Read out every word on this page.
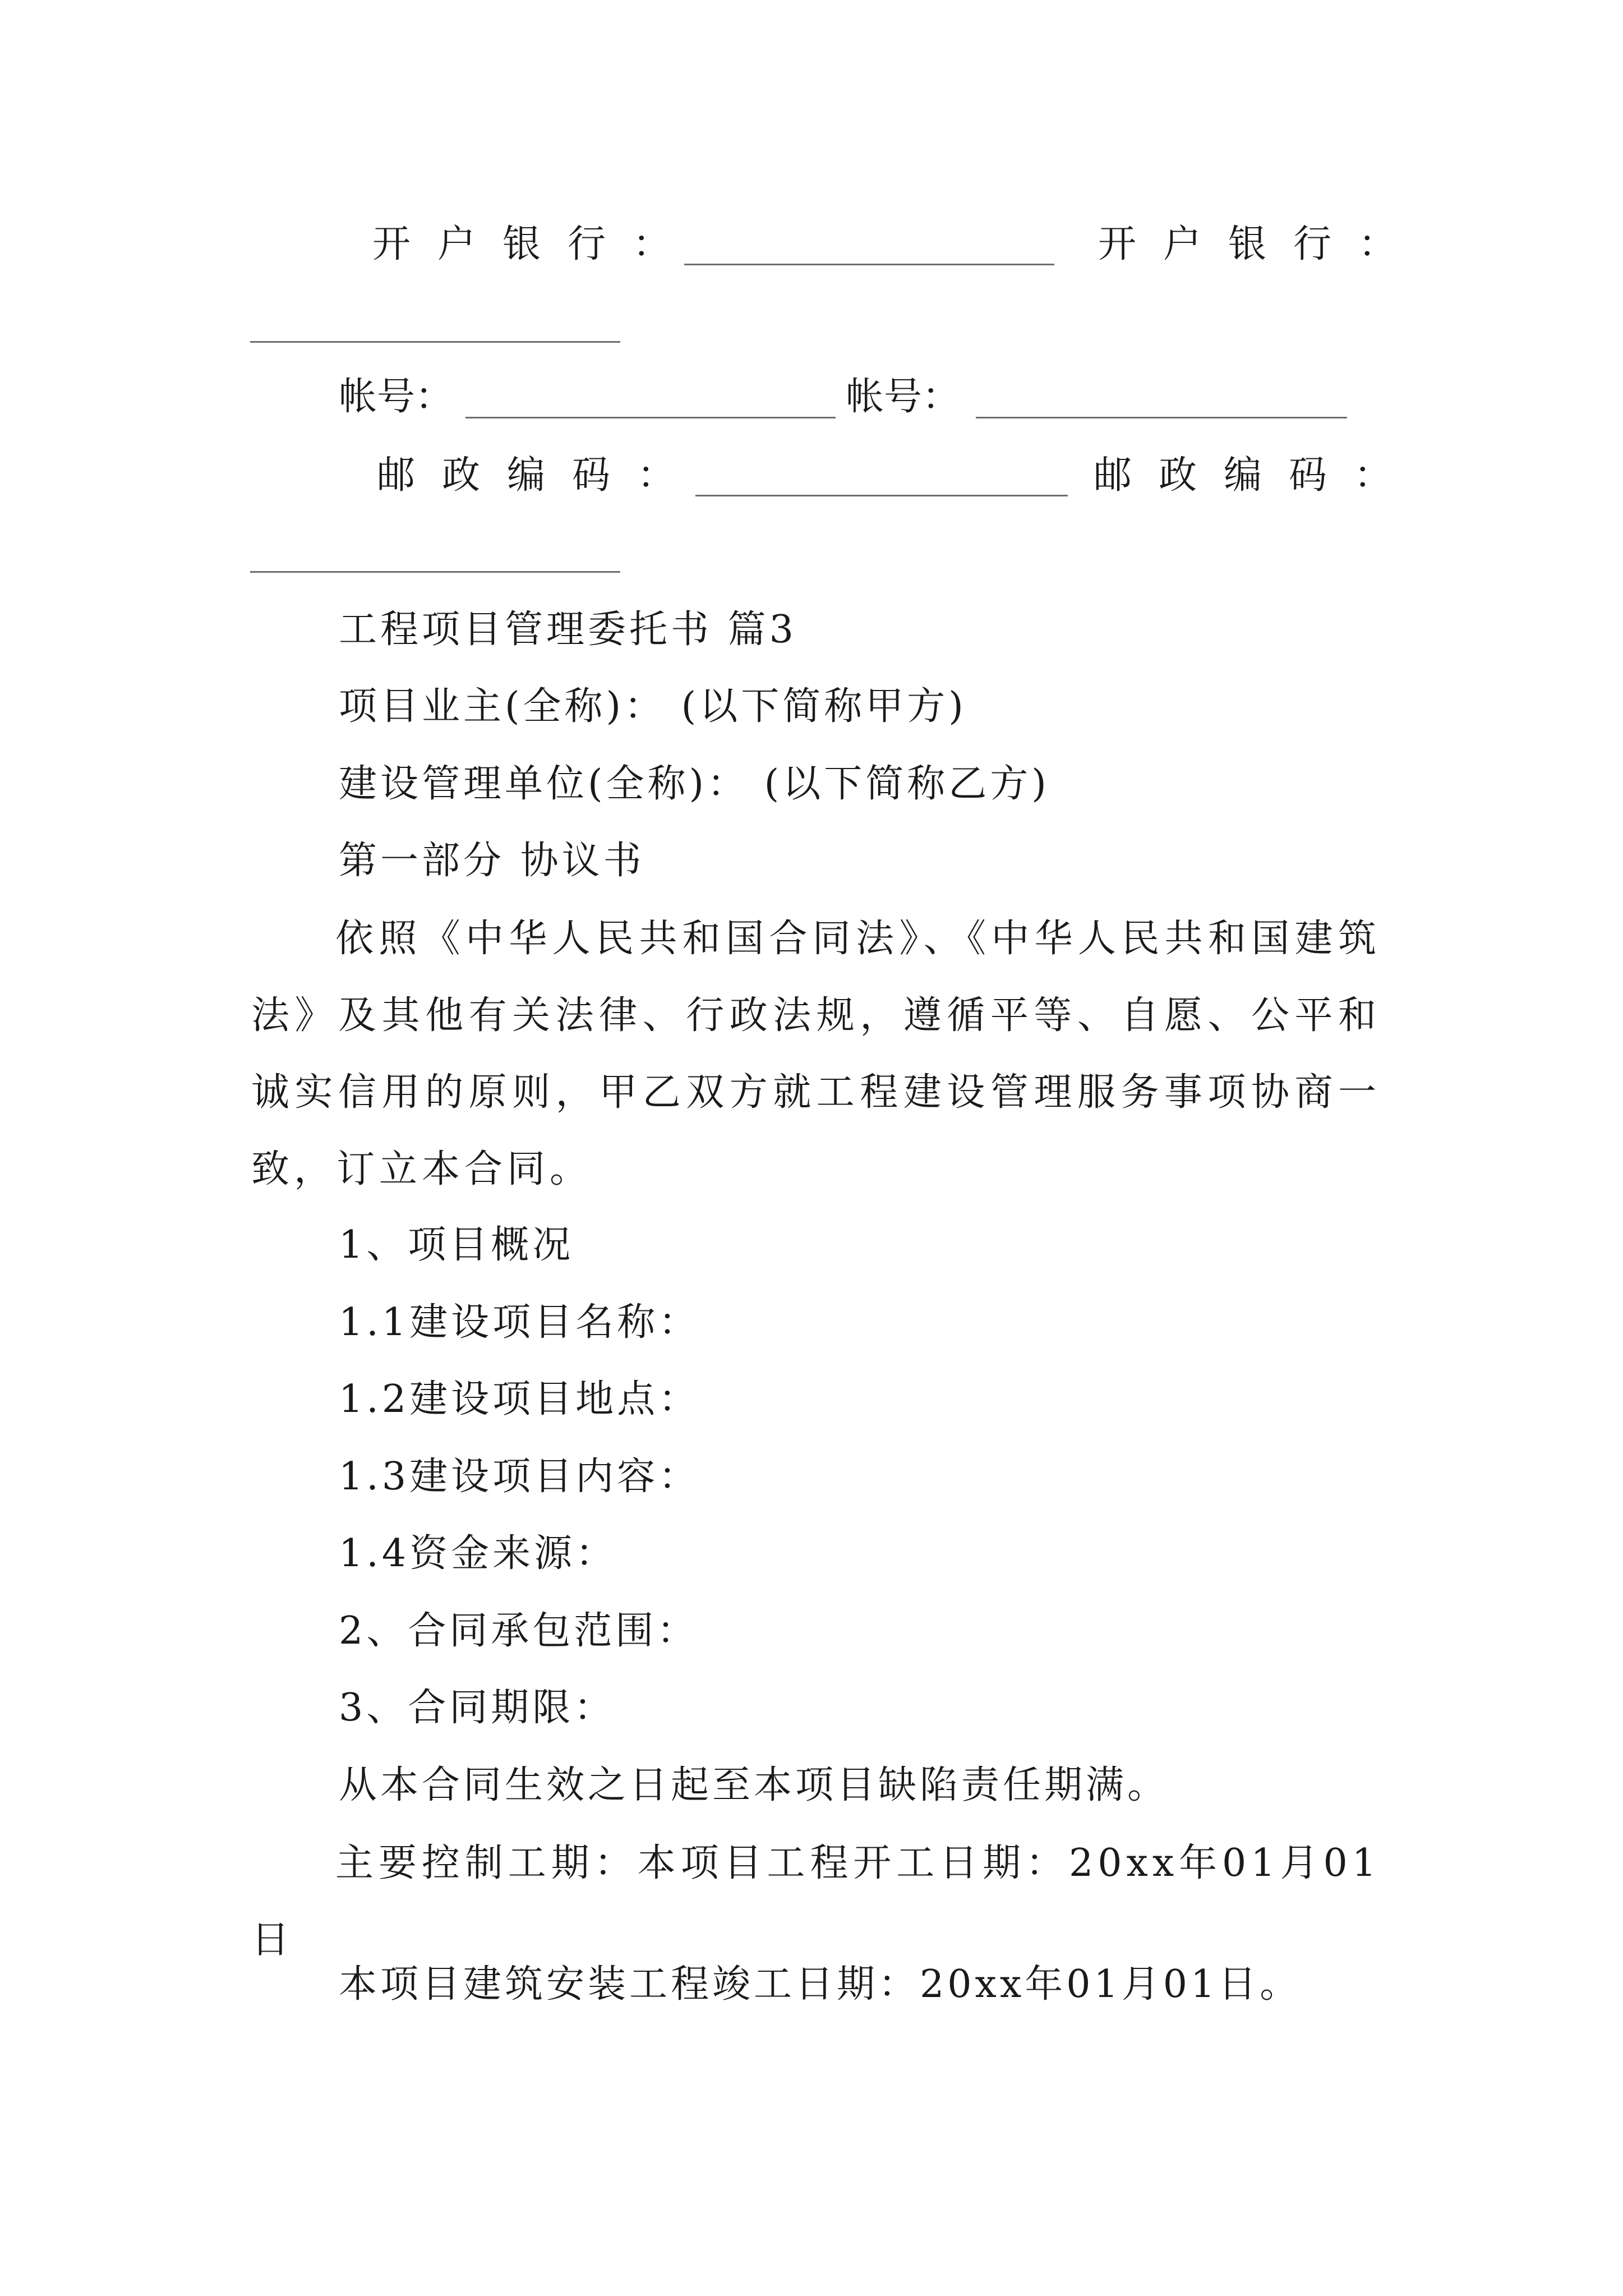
开户银行：	开户银行：
帐号：	帐号：
邮政编码：	邮政编码：
工程项目管理委托书 篇3
项目业主(全称)： (以下简称甲方)
建设管理单位(全称)： (以下简称乙方)
第一部分 协议书
依照《中华人民共和国合同法》、《中华人民共和国建筑法》及其他有关法律、行政法规，遵循平等、自愿、公平和诚实信用的原则，甲乙双方就工程建设管理服务事项协商一致，订立本合同。
1、项目概况
1.1建设项目名称：
1.2建设项目地点：
1.3建设项目内容：
1.4资金来源：
2、合同承包范围：
3、合同期限：
从本合同生效之日起至本项目缺陷责任期满。
主要控制工期：本项目工程开工日期：20xx年01月01日
本项目建筑安装工程竣工日期：20xx年01月01日。
